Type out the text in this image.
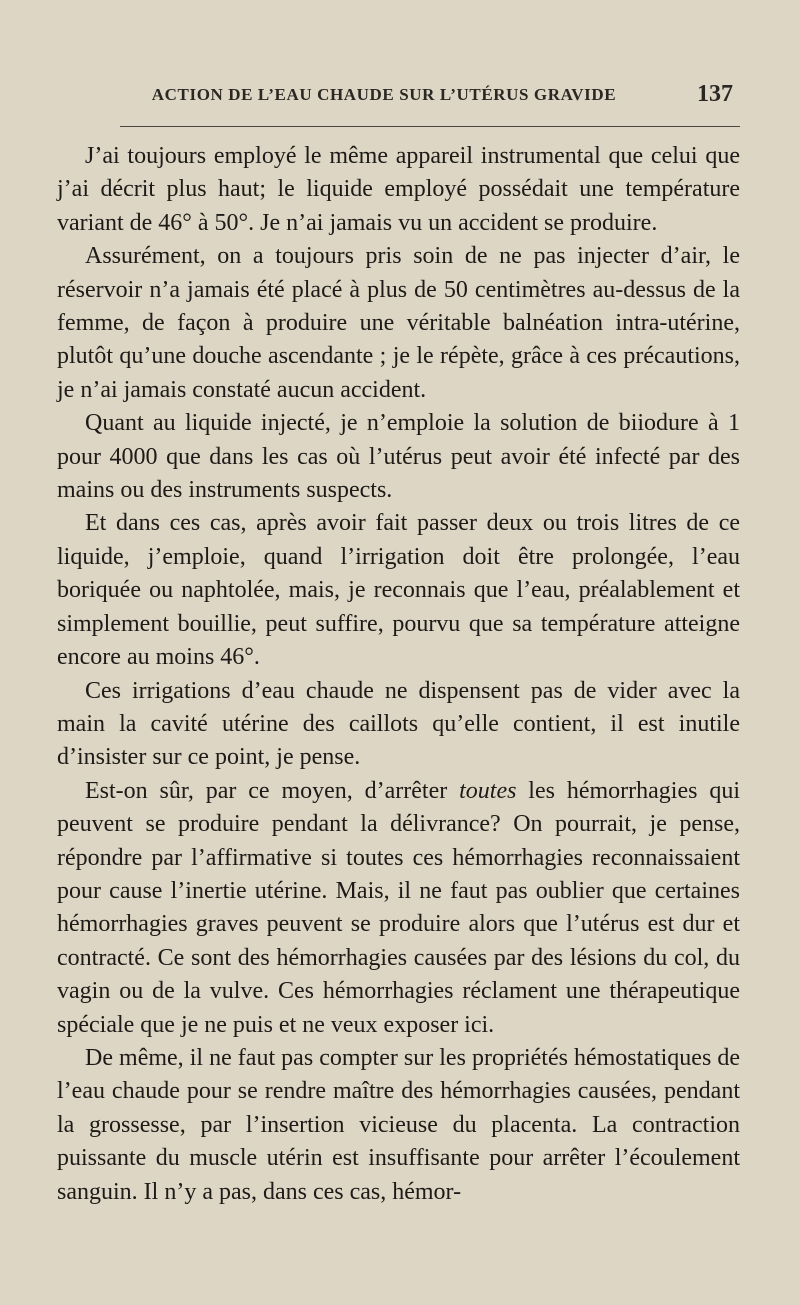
ACTION DE L’EAU CHAUDE SUR L’UTÉRUS GRAVIDE	137

J’ai toujours employé le même appareil instrumental que celui que j’ai décrit plus haut; le liquide employé possédait une température variant de 46° à 50°. Je n’ai jamais vu un accident se produire.

Assurément, on a toujours pris soin de ne pas injecter d’air, le réservoir n’a jamais été placé à plus de 50 centimètres au-dessus de la femme, de façon à produire une véritable balnéation intra-utérine, plutôt qu’une douche ascendante ; je le répète, grâce à ces précautions, je n’ai jamais constaté aucun accident.

Quant au liquide injecté, je n’emploie la solution de biiodure à 1 pour 4000 que dans les cas où l’utérus peut avoir été infecté par des mains ou des instruments suspects.

Et dans ces cas, après avoir fait passer deux ou trois litres de ce liquide, j’emploie, quand l’irrigation doit être prolongée, l’eau boriquée ou naphtolée, mais, je reconnais que l’eau, préalablement et simplement bouillie, peut suffire, pourvu que sa température atteigne encore au moins 46°.

Ces irrigations d’eau chaude ne dispensent pas de vider avec la main la cavité utérine des caillots qu’elle contient, il est inutile d’insister sur ce point, je pense.

Est-on sûr, par ce moyen, d’arrêter toutes les hémorrhagies qui peuvent se produire pendant la délivrance? On pourrait, je pense, répondre par l’affirmative si toutes ces hémorrhagies reconnaissaient pour cause l’inertie utérine. Mais, il ne faut pas oublier que certaines hémorrhagies graves peuvent se produire alors que l’utérus est dur et contracté. Ce sont des hémorrhagies causées par des lésions du col, du vagin ou de la vulve. Ces hémorrhagies réclament une thérapeutique spéciale que je ne puis et ne veux exposer ici.

De même, il ne faut pas compter sur les propriétés hémostatiques de l’eau chaude pour se rendre maître des hémorrhagies causées, pendant la grossesse, par l’insertion vicieuse du placenta. La contraction puissante du muscle utérin est insuffisante pour arrêter l’écoulement sanguin. Il n’y a pas, dans ces cas, hémor-
